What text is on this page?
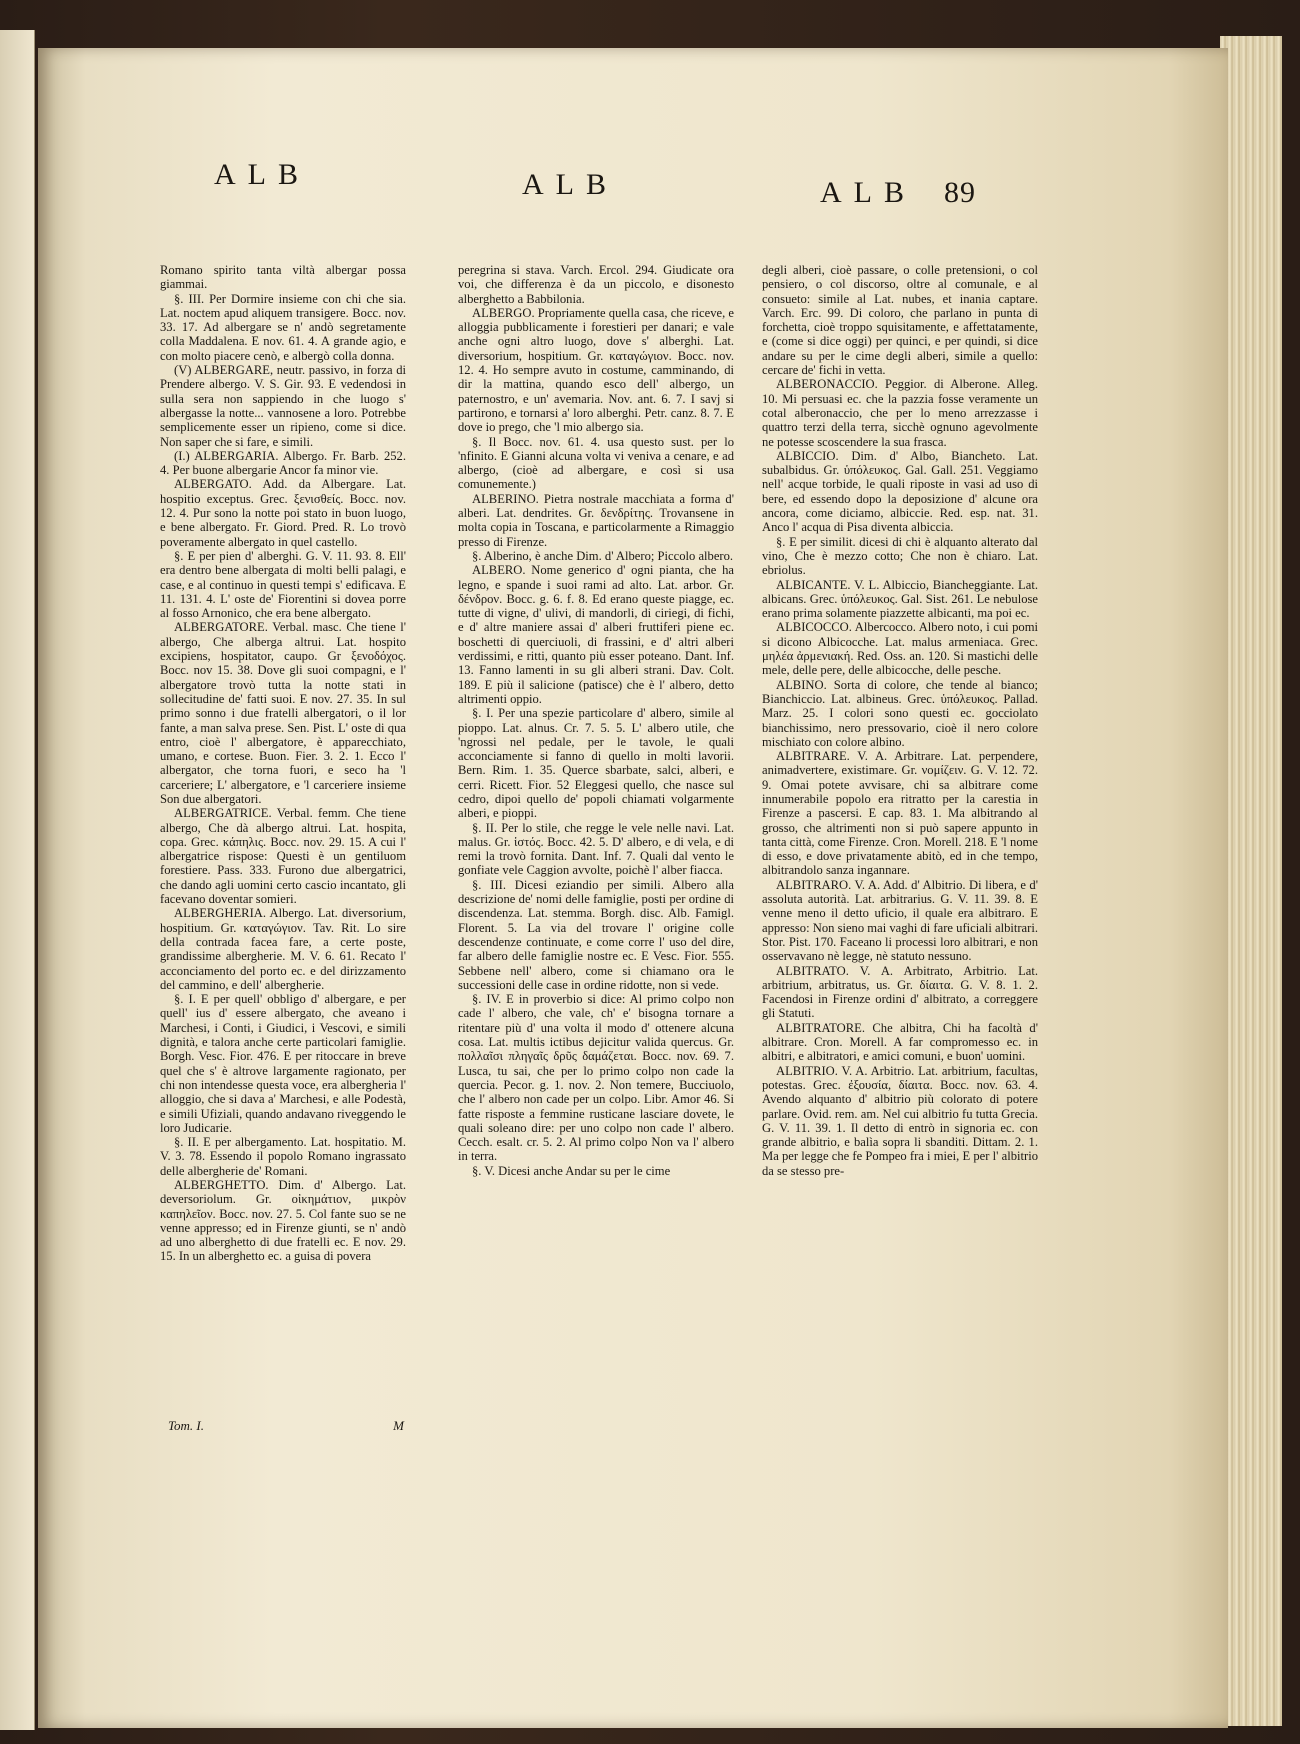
ALB	ALB	ALB 89

Romano spirito tanta viltà albergar possa giammai.

§. III. Per Dormire insieme con chi che sia. Lat. noctem apud aliquem transigere. Bocc. nov. 33. 17. Ad albergare se n' andò segretamente colla Maddalena. E nov. 61. 4. A grande agio, e con molto piacere cenò, e albergò colla donna.

(V) ALBERGARE, neutr. passivo, in forza di Prendere albergo. V. S. Gir. 93. E vedendosi in sulla sera non sappiendo in che luogo s' albergasse la notte... vannosene a loro. Potrebbe semplicemente esser un ripieno, come si dice. Non saper che si fare, e simili.

(I.) ALBERGARIA. Albergo. Fr. Barb. 252. 4. Per buone albergarie Ancor fa minor vie.

ALBERGATO. Add. da Albergare. Lat. hospitio exceptus. Grec. ξενισθείς. Bocc. nov. 12. 4. Pur sono la notte poi stato in buon luogo, e bene albergato. Fr. Giord. Pred. R. Lo trovò poveramente albergato in quel castello.

§. E per pien d' alberghi. G. V. 11. 93. 8. Ell' era dentro bene albergata di molti belli palagi, e case, e al continuo in questi tempi s' edificava. E 11. 131. 4. L' oste de' Fiorentini si dovea porre al fosso Arnonico, che era bene albergato.

ALBERGATORE. Verbal. masc. Che tiene l' albergo, Che alberga altrui. Lat. hospito excipiens, hospitator, caupo. Gr ξενοδόχος. Bocc. nov 15. 38. Dove gli suoi compagni, e l' albergatore trovò tutta la notte stati in sollecitudine de' fatti suoi. E nov. 27. 35. In sul primo sonno i due fratelli albergatori, o il lor fante, a man salva prese. Sen. Pist. L' oste di qua entro, cioè l' albergatore, è apparecchiato, umano, e cortese. Buon. Fier. 3. 2. 1. Ecco l' albergator, che torna fuori, e seco ha 'l carceriere; L' albergatore, e 'l carceriere insieme Son due albergatori.

ALBERGATRICE. Verbal. femm. Che tiene albergo, Che dà albergo altrui. Lat. hospita, copa. Grec. κάπηλις. Bocc. nov. 29. 15. A cui l' albergatrice rispose: Questi è un gentiluom forestiere. Pass. 333. Furono due albergatrici, che dando agli uomini certo cascio incantato, gli facevano doventar somieri.

ALBERGHERIA. Albergo. Lat. diversorium, hospitium. Gr. καταγώγιον. Tav. Rit. Lo sire della contrada facea fare, a certe poste, grandissime albergherie. M. V. 6. 61. Recato l' acconciamento del porto ec. e del dirizzamento del cammino, e dell' albergherie.

§. I. E per quell' obbligo d' albergare, e per quell' ius d' essere albergato, che aveano i Marchesi, i Conti, i Giudici, i Vescovi, e simili dignità, e talora anche certe particolari famiglie. Borgh. Vesc. Fior. 476. E per ritoccare in breve quel che s' è altrove largamente ragionato, per chi non intendesse questa voce, era albergheria l' alloggio, che si dava a' Marchesi, e alle Podestà, e simili Ufiziali, quando andavano riveggendo le loro Judicarie.

§. II. E per albergamento. Lat. hospitatio. M. V. 3. 78. Essendo il popolo Romano ingrassato delle albergherie de' Romani.

ALBERGHETTO. Dim. d' Albergo. Lat. deversoriolum. Gr. οἰκημάτιον, μικρὸν καπηλεῖον. Bocc. nov. 27. 5. Col fante suo se ne venne appresso; ed in Firenze giunti, se n' andò ad uno alberghetto di due fratelli ec. E nov. 29. 15. In un alberghetto ec. a guisa di povera

peregrina si stava. Varch. Ercol. 294. Giudicate ora voi, che differenza è da un piccolo, e disonesto alberghetto a Babbilonia.

ALBERGO. Propriamente quella casa, che riceve, e alloggia pubblicamente i forestieri per danari; e vale anche ogni altro luogo, dove s' alberghi. Lat. diversorium, hospitium. Gr. καταγώγιον. Bocc. nov. 12. 4. Ho sempre avuto in costume, camminando, di dir la mattina, quando esco dell' albergo, un paternostro, e un' avemaria. Nov. ant. 6. 7. I savj si partirono, e tornarsi a' loro alberghi. Petr. canz. 8. 7. E dove io prego, che 'l mio albergo sia.

§. Il Bocc. nov. 61. 4. usa questo sust. per lo 'nfinito. E Gianni alcuna volta vi veniva a cenare, e ad albergo, (cioè ad albergare, e così si usa comunemente.)

ALBERINO. Pietra nostrale macchiata a forma d' alberi. Lat. dendrites. Gr. δενδρίτης. Trovansene in molta copia in Toscana, e particolarmente a Rimaggio presso di Firenze.

§. Alberino, è anche Dim. d' Albero; Piccolo albero.

ALBERO. Nome generico d' ogni pianta, che ha legno, e spande i suoi rami ad alto. Lat. arbor. Gr. δένδρον. Bocc. g. 6. f. 8. Ed erano queste piagge, ec. tutte di vigne, d' ulivi, di mandorli, di ciriegi, di fichi, e d' altre maniere assai d' alberi fruttiferi piene ec. boschetti di querciuoli, di frassini, e d' altri alberi verdissimi, e ritti, quanto più esser poteano. Dant. Inf. 13. Fanno lamenti in su gli alberi strani. Dav. Colt. 189. E più il salicione (patisce) che è l' albero, detto altrimenti oppio.

§. I. Per una spezie particolare d' albero, simile al pioppo. Lat. alnus. Cr. 7. 5. 5. L' albero utile, che 'ngrossi nel pedale, per le tavole, le quali acconciamente si fanno di quello in molti lavorii. Bern. Rim. 1. 35. Querce sbarbate, salci, alberi, e cerri. Ricett. Fior. 52 Eleggesi quello, che nasce sul cedro, dipoi quello de' popoli chiamati volgarmente alberi, e pioppi.

§. II. Per lo stile, che regge le vele nelle navi. Lat. malus. Gr. ἱστός. Bocc. 42. 5. D' albero, e di vela, e di remi la trovò fornita. Dant. Inf. 7. Quali dal vento le gonfiate vele Caggion avvolte, poichè l' alber fiacca.

§. III. Dicesi eziandio per simili. Albero alla descrizione de' nomi delle famiglie, posti per ordine di discendenza. Lat. stemma. Borgh. disc. Alb. Famigl. Florent. 5. La via del trovare l' origine colle descendenze continuate, e come corre l' uso del dire, far albero delle famiglie nostre ec. E Vesc. Fior. 555. Sebbene nell' albero, come si chiamano ora le successioni delle case in ordine ridotte, non si vede.

§. IV. E in proverbio si dice: Al primo colpo non cade l' albero, che vale, ch' e' bisogna tornare a ritentare più d' una volta il modo d' ottenere alcuna cosa. Lat. multis ictibus dejicitur valida quercus. Gr. πολλαῖσι πληγαῖς δρῦς δαμάζεται. Bocc. nov. 69. 7. Lusca, tu sai, che per lo primo colpo non cade la quercia. Pecor. g. 1. nov. 2. Non temere, Bucciuolo, che l' albero non cade per un colpo. Libr. Amor 46. Si fatte risposte a femmine rusticane lasciare dovete, le quali soleano dire: per uno colpo non cade l' albero. Cecch. esalt. cr. 5. 2. Al primo colpo Non va l' albero in terra.

§. V. Dicesi anche Andar su per le cime

degli alberi, cioè passare, o colle pretensioni, o col pensiero, o col discorso, oltre al comunale, e al consueto: simile al Lat. nubes, et inania captare. Varch. Erc. 99. Di coloro, che parlano in punta di forchetta, cioè troppo squisitamente, e affettatamente, e (come si dice oggi) per quinci, e per quindi, si dice andare su per le cime degli alberi, simile a quello: cercare de' fichi in vetta.

ALBERONACCIO. Peggior. di Alberone. Alleg. 10. Mi persuasi ec. che la pazzia fosse veramente un cotal alberonaccio, che per lo meno arrezzasse i quattro terzi della terra, sicchè ognuno agevolmente ne potesse scoscendere la sua frasca.

ALBICCIO. Dim. d' Albo, Biancheto. Lat. subalbidus. Gr. ὑπόλευκος. Gal. Gall. 251. Veggiamo nell' acque torbide, le quali riposte in vasi ad uso di bere, ed essendo dopo la deposizione d' alcune ora ancora, come diciamo, albiccie. Red. esp. nat. 31. Anco l' acqua di Pisa diventa albiccia.

§. E per similit. dicesi di chi è alquanto alterato dal vino, Che è mezzo cotto; Che non è chiaro. Lat. ebriolus.

ALBICANTE. V. L. Albiccio, Biancheggiante. Lat. albicans. Grec. ὑπόλευκος. Gal. Sist. 261. Le nebulose erano prima solamente piazzette albicanti, ma poi ec.

ALBICOCCO. Albercocco. Albero noto, i cui pomi si dicono Albicocche. Lat. malus armeniaca. Grec. μηλέα ἀρμενιακή. Red. Oss. an. 120. Si mastichi delle mele, delle pere, delle albicocche, delle pesche.

ALBINO. Sorta di colore, che tende al bianco; Bianchiccio. Lat. albineus. Grec. ὑπόλευκος. Pallad. Marz. 25. I colori sono questi ec. gocciolato bianchissimo, nero pressovario, cioè il nero colore mischiato con colore albino.

ALBITRARE. V. A. Arbitrare. Lat. perpendere, animadvertere, existimare. Gr. νομίζειν. G. V. 12. 72. 9. Omai potete avvisare, chi sa albitrare come innumerabile popolo era ritratto per la carestia in Firenze a pascersi. E cap. 83. 1. Ma albitrando al grosso, che altrimenti non si può sapere appunto in tanta città, come Firenze. Cron. Morell. 218. E 'l nome di esso, e dove privatamente abitò, ed in che tempo, albitrandolo sanza ingannare.

ALBITRARO. V. A. Add. d' Albitrio. Di libera, e d' assoluta autorità. Lat. arbitrarius. G. V. 11. 39. 8. E venne meno il detto uficio, il quale era albitraro. E appresso: Non sieno mai vaghi di fare uficiali albitrari. Stor. Pist. 170. Faceano li processi loro albitrari, e non osservavano nè legge, nè statuto nessuno.

ALBITRATO. V. A. Arbitrato, Arbitrio. Lat. arbitrium, arbitratus, us. Gr. δίαιτα. G. V. 8. 1. 2. Facendosi in Firenze ordini d' albitrato, a correggere gli Statuti.

ALBITRATORE. Che albitra, Chi ha facoltà d' albitrare. Cron. Morell. A far compromesso ec. in albitri, e albitratori, e amici comuni, e buon' uomini.

ALBITRIO. V. A. Arbitrio. Lat. arbitrium, facultas, potestas. Grec. ἐξουσία, δίαιτα. Bocc. nov. 63. 4. Avendo alquanto d' albitrio più colorato di potere parlare. Ovid. rem. am. Nel cui albitrio fu tutta Grecia. G. V. 11. 39. 1. Il detto di entrò in signoria ec. con grande albitrio, e balìa sopra li sbanditi. Dittam. 2. 1. Ma per legge che fe Pompeo fra i miei, E per l' albitrio da se stesso pre-

Tom. I.	M
